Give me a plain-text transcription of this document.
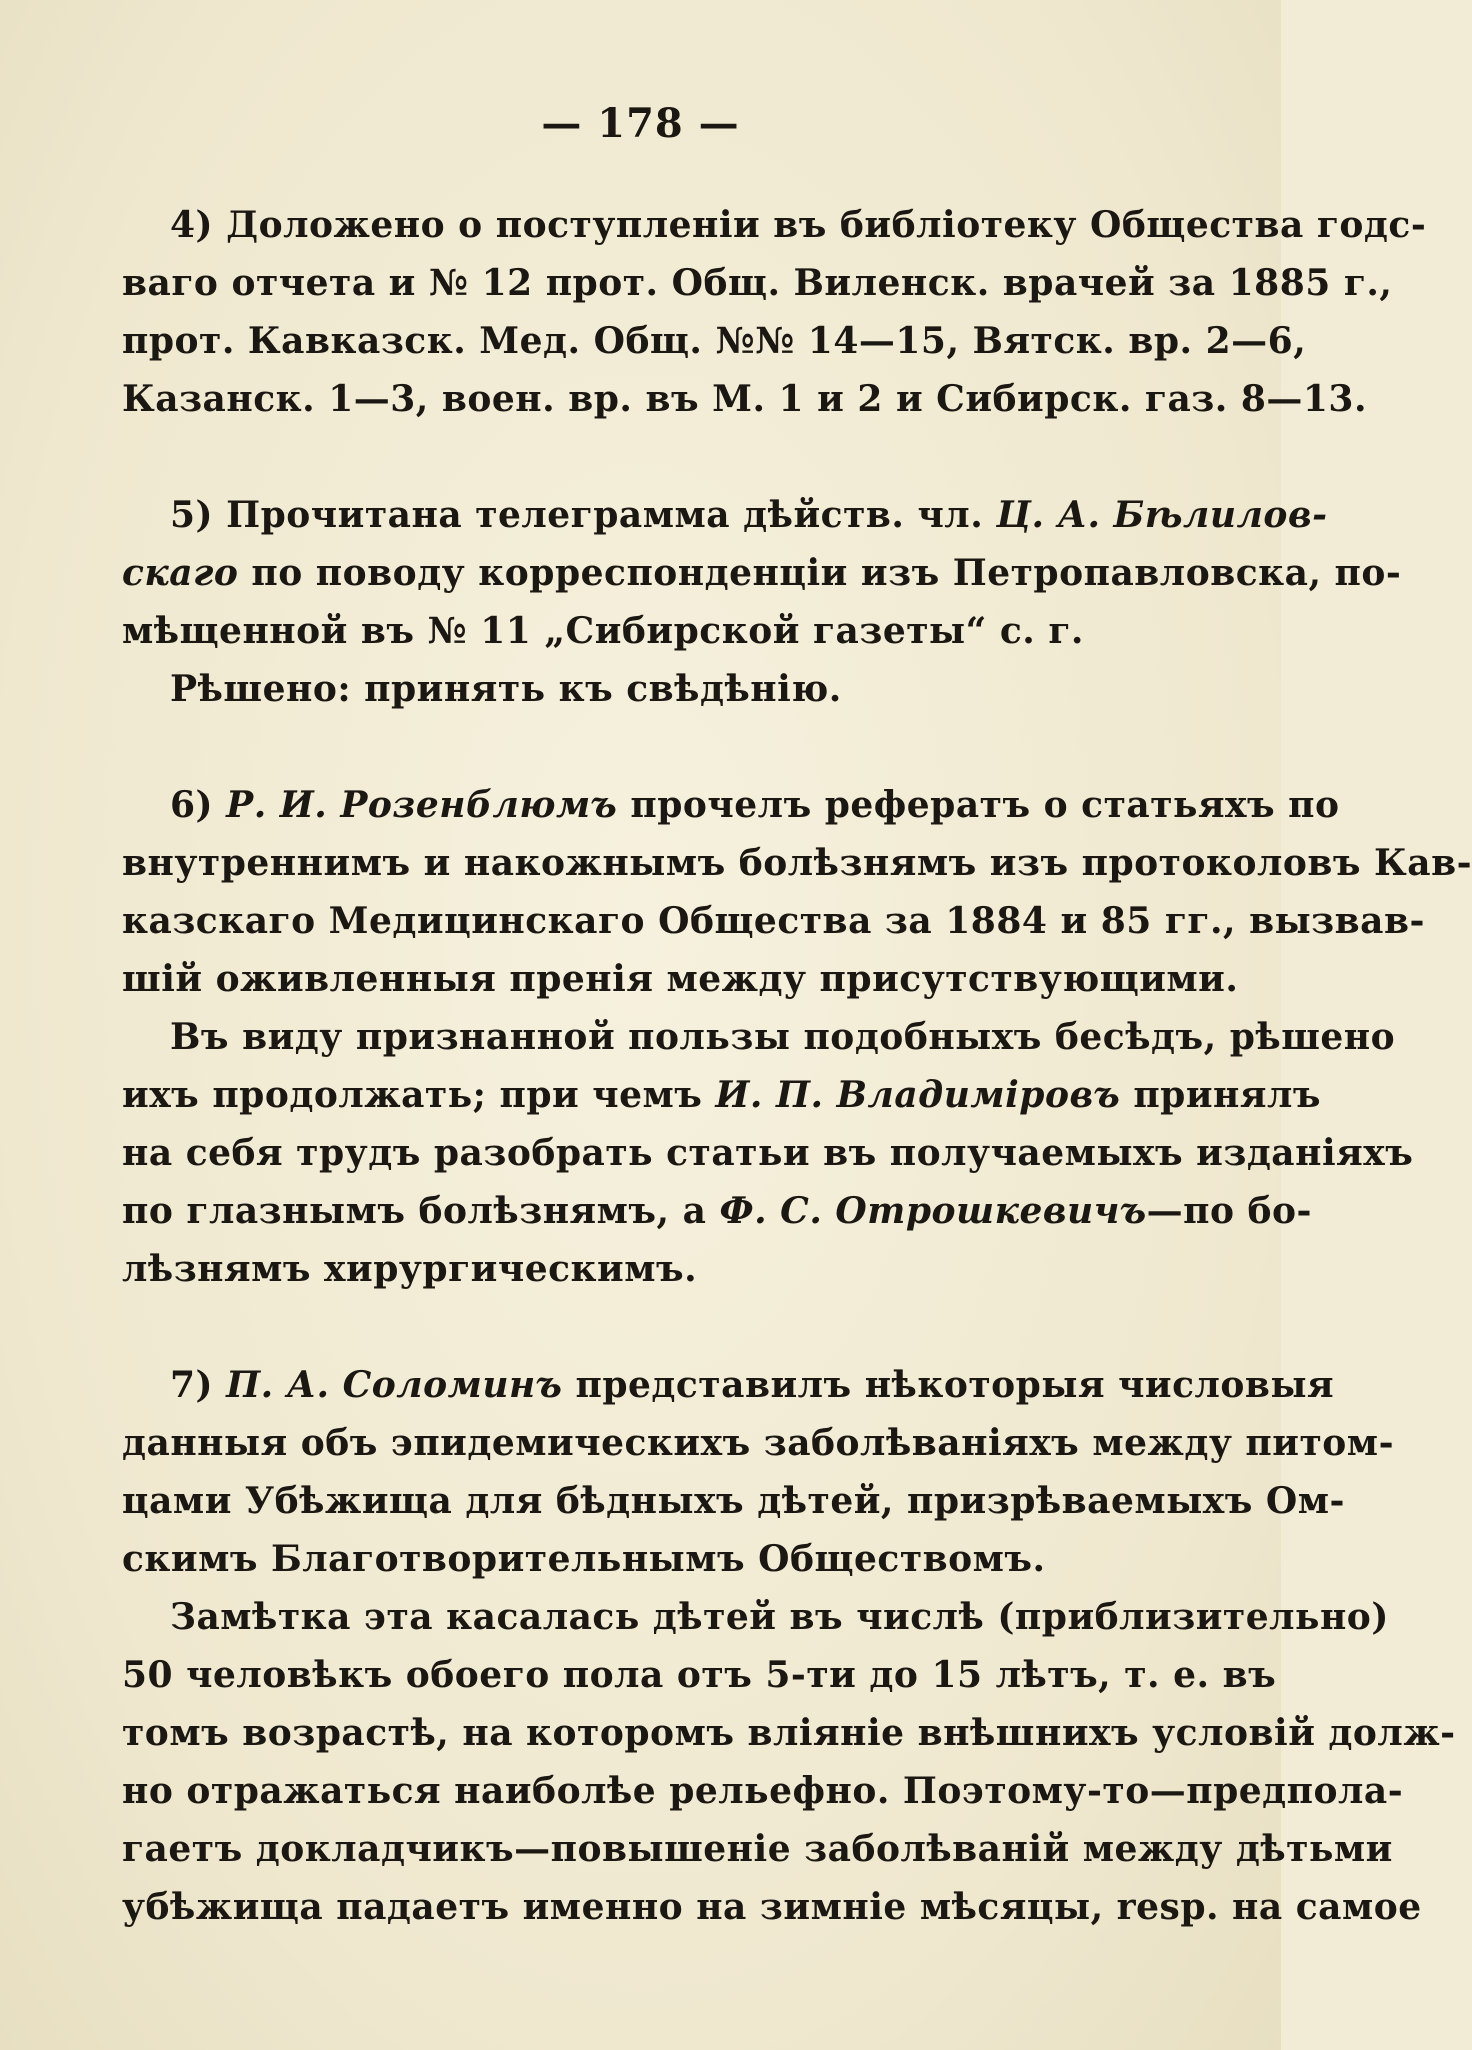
— 178 —
4) Доложено о поступленіи въ библіотеку Общества годс-
ваго отчета и № 12 прот. Общ. Виленск. врачей за 1885 г.,
прот. Кавказск. Мед. Общ. №№ 14—15, Вятск. вр. 2—6,
Казанск. 1—3, воен. вр. въ М. 1 и 2 и Сибирск. газ. 8—13.
5) Прочитана телеграмма дѣйств. чл. Ц. А. Бѣлилов-
скаго по поводу корреспонденціи изъ Петропавловска, по-
мѣщенной въ № 11 „Сибирской газеты“ с. г.
Рѣшено: принять къ свѣдѣнію.
6) Р. И. Розенблюмъ прочелъ рефератъ о статьяхъ по
внутреннимъ и накожнымъ болѣзнямъ изъ протоколовъ Кав-
казскаго Медицинскаго Общества за 1884 и 85 гг., вызвав-
шій оживленныя пренія между присутствующими.
Въ виду признанной пользы подобныхъ бесѣдъ, рѣшено
ихъ продолжать; при чемъ И. П. Владиміровъ принялъ
на себя трудъ разобрать статьи въ получаемыхъ изданіяхъ
по глазнымъ болѣзнямъ, а Ф. С. Отрошкевичъ—по бо-
лѣзнямъ хирургическимъ.
7) П. А. Соломинъ представилъ нѣкоторыя числовыя
данныя объ эпидемическихъ заболѣваніяхъ между питом-
цами Убѣжища для бѣдныхъ дѣтей, призрѣваемыхъ Ом-
скимъ Благотворительнымъ Обществомъ.
Замѣтка эта касалась дѣтей въ числѣ (приблизительно)
50 человѣкъ обоего пола отъ 5-ти до 15 лѣтъ, т. е. въ
томъ возрастѣ, на которомъ вліяніе внѣшнихъ условій долж-
но отражаться наиболѣе рельефно. Поэтому-то—предпола-
гаетъ докладчикъ—повышеніе заболѣваній между дѣтьми
убѣжища падаетъ именно на зимніе мѣсяцы, resp. на самое
